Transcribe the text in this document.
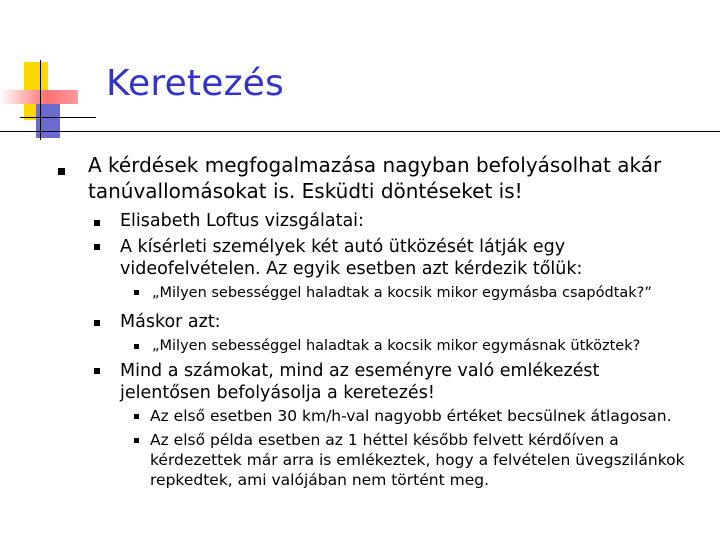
Keretezés
A kérdések megfogalmazása nagyban befolyásolhat akár tanúvallomásokat is. Esküdti döntéseket is!
Elisabeth Loftus vizsgálatai:
A kísérleti személyek két autó ütközését látják egy videofelvételen. Az egyik esetben azt kérdezik tőlük:
„Milyen sebességgel haladtak a kocsik mikor egymásba csapódtak?”
Máskor azt:
„Milyen sebességgel haladtak a kocsik mikor egymásnak ütköztek?
Mind a számokat, mind az eseményre való emlékezést jelentősen befolyásolja a keretezés!
Az első esetben 30 km/h-val nagyobb értéket becsülnek átlagosan.
Az első példa esetben az 1 héttel később felvett kérdőíven a kérdezettek már arra is emlékeztek, hogy a felvételen üvegszilánkok repkedtek, ami valójában nem történt meg.
